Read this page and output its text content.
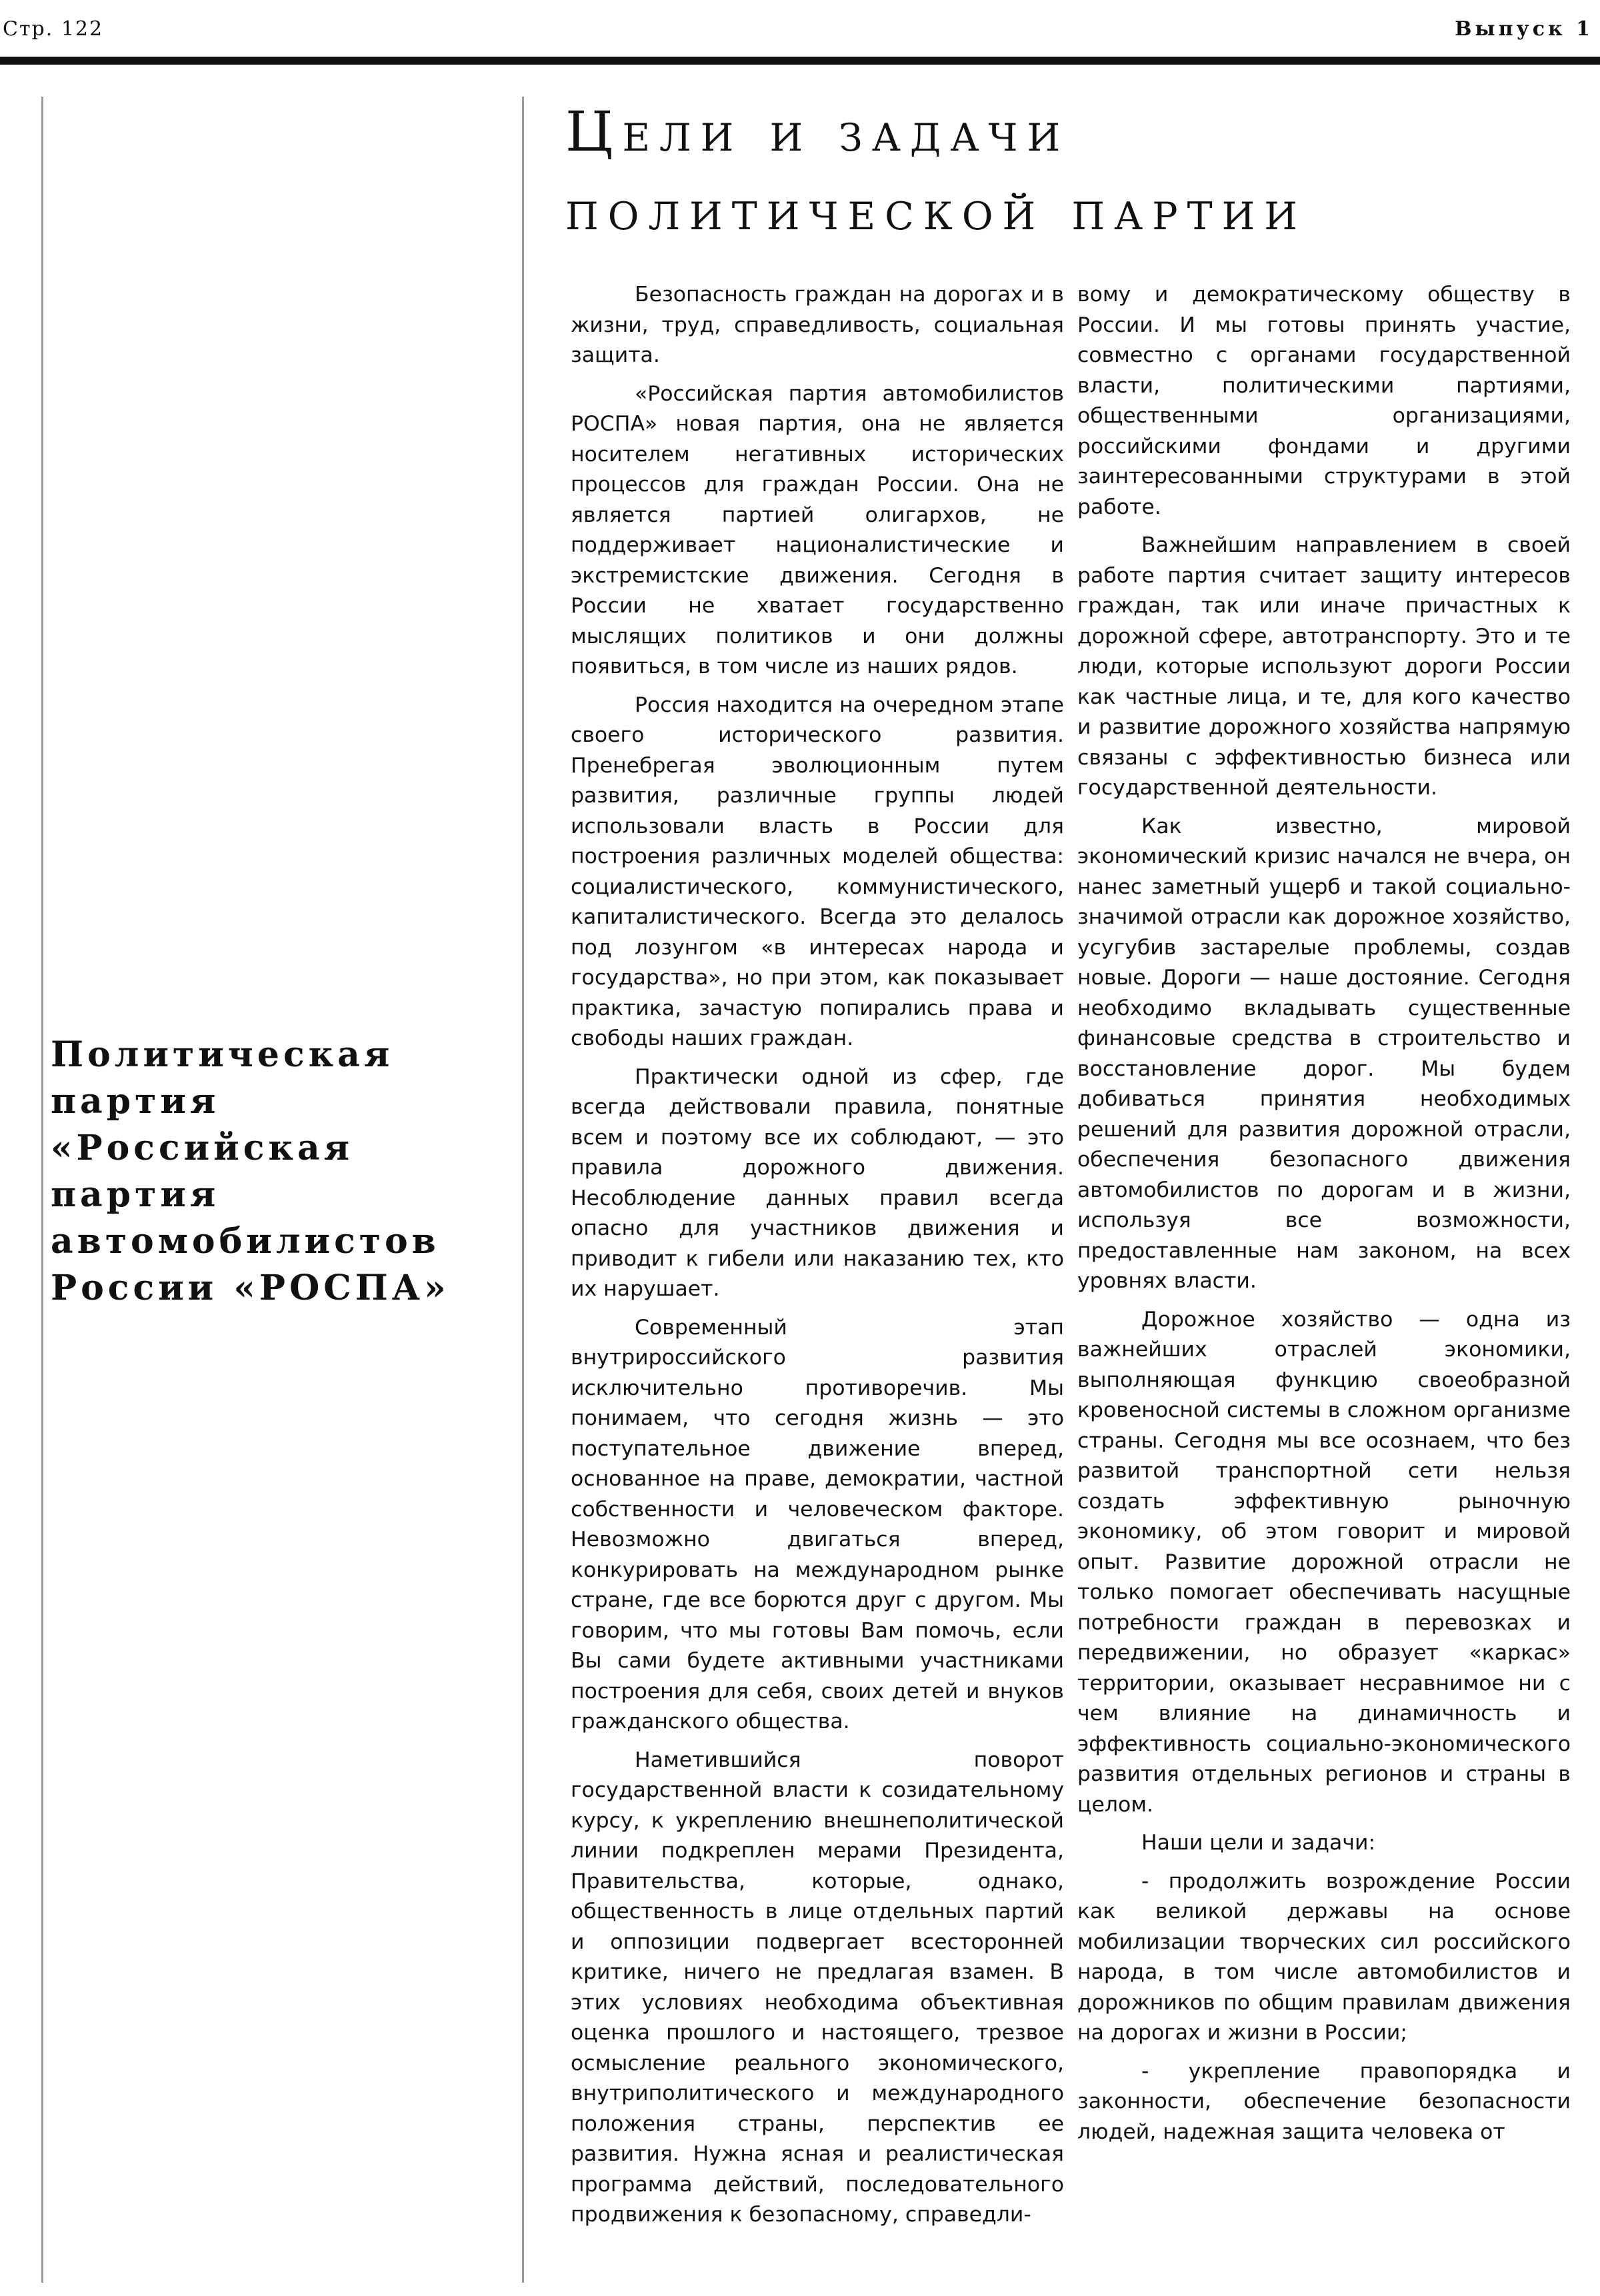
Стр. 122	Выпуск 1
Политическая
партия
«Российская
партия
автомобилистов
России «РОСПА»
Цели и задачи
политической партии

Безопасность граждан на дорогах и в жизни, труд, справедливость, социальная защита.

«Российская партия автомобилистов РОСПА» новая партия, она не является носителем негативных исторических процессов для граждан России. Она не является партией олигархов, не поддерживает националистические и экстремистские движения. Сегодня в России не хватает государственно мыслящих политиков и они должны появиться, в том числе из наших рядов.

Россия находится на очередном этапе своего исторического развития. Пренебрегая эволюционным путем развития, различные группы людей использовали власть в России для построения различных моделей общества: социалистического, коммунистического, капиталистического. Всегда это делалось под лозунгом «в интересах народа и государства», но при этом, как показывает практика, зачастую попирались права и свободы наших граждан.

Практически одной из сфер, где всегда действовали правила, понятные всем и поэтому все их соблюдают, — это правила дорожного движения. Несоблюдение данных правил всегда опасно для участников движения и приводит к гибели или наказанию тех, кто их нарушает.

Современный этап внутрироссийского развития исключительно противоречив. Мы понимаем, что сегодня жизнь — это поступательное движение вперед, основанное на праве, демократии, частной собственности и человеческом факторе. Невозможно двигаться вперед, конкурировать на международном рынке стране, где все борются друг с другом. Мы говорим, что мы готовы Вам помочь, если Вы сами будете активными участниками построения для себя, своих детей и внуков гражданского общества.

Наметившийся поворот государственной власти к созидательному курсу, к укреплению внешнеполитической линии подкреплен мерами Президента, Правительства, которые, однако, общественность в лице отдельных партий и оппозиции подвергает всесторонней критике, ничего не предлагая взамен. В этих условиях необходима объективная оценка прошлого и настоящего, трезвое осмысление реального экономического, внутриполитического и международного положения страны, перспектив ее развития. Нужна ясная и реалистическая программа действий, последовательного продвижения к безопасному, справедли-

вому и демократическому обществу в России. И мы готовы принять участие, совместно с органами государственной власти, политическими партиями, общественными организациями, российскими фондами и другими заинтересованными структурами в этой работе.

Важнейшим направлением в своей работе партия считает защиту интересов граждан, так или иначе причастных к дорожной сфере, автотранспорту. Это и те люди, которые используют дороги России как частные лица, и те, для кого качество и развитие дорожного хозяйства напрямую связаны с эффективностью бизнеса или государственной деятельности.

Как известно, мировой экономический кризис начался не вчера, он нанес заметный ущерб и такой социально-значимой отрасли как дорожное хозяйство, усугубив застарелые проблемы, создав новые. Дороги — наше достояние. Сегодня необходимо вкладывать существенные финансовые средства в строительство и восстановление дорог. Мы будем добиваться принятия необходимых решений для развития дорожной отрасли, обеспечения безопасного движения автомобилистов по дорогам и в жизни, используя все возможности, предоставленные нам законом, на всех уровнях власти.

Дорожное хозяйство — одна из важнейших отраслей экономики, выполняющая функцию своеобразной кровеносной системы в сложном организме страны. Сегодня мы все осознаем, что без развитой транспортной сети нельзя создать эффективную рыночную экономику, об этом говорит и мировой опыт. Развитие дорожной отрасли не только помогает обеспечивать насущные потребности граждан в перевозках и передвижении, но образует «каркас» территории, оказывает несравнимое ни с чем влияние на динамичность и эффективность социально-экономического развития отдельных регионов и страны в целом.

Наши цели и задачи:

- продолжить возрождение России как великой державы на основе мобилизации творческих сил российского народа, в том числе автомобилистов и дорожников по общим правилам движения на дорогах и жизни в России;

- укрепление правопорядка и законности, обеспечение безопасности людей, надежная защита человека от
